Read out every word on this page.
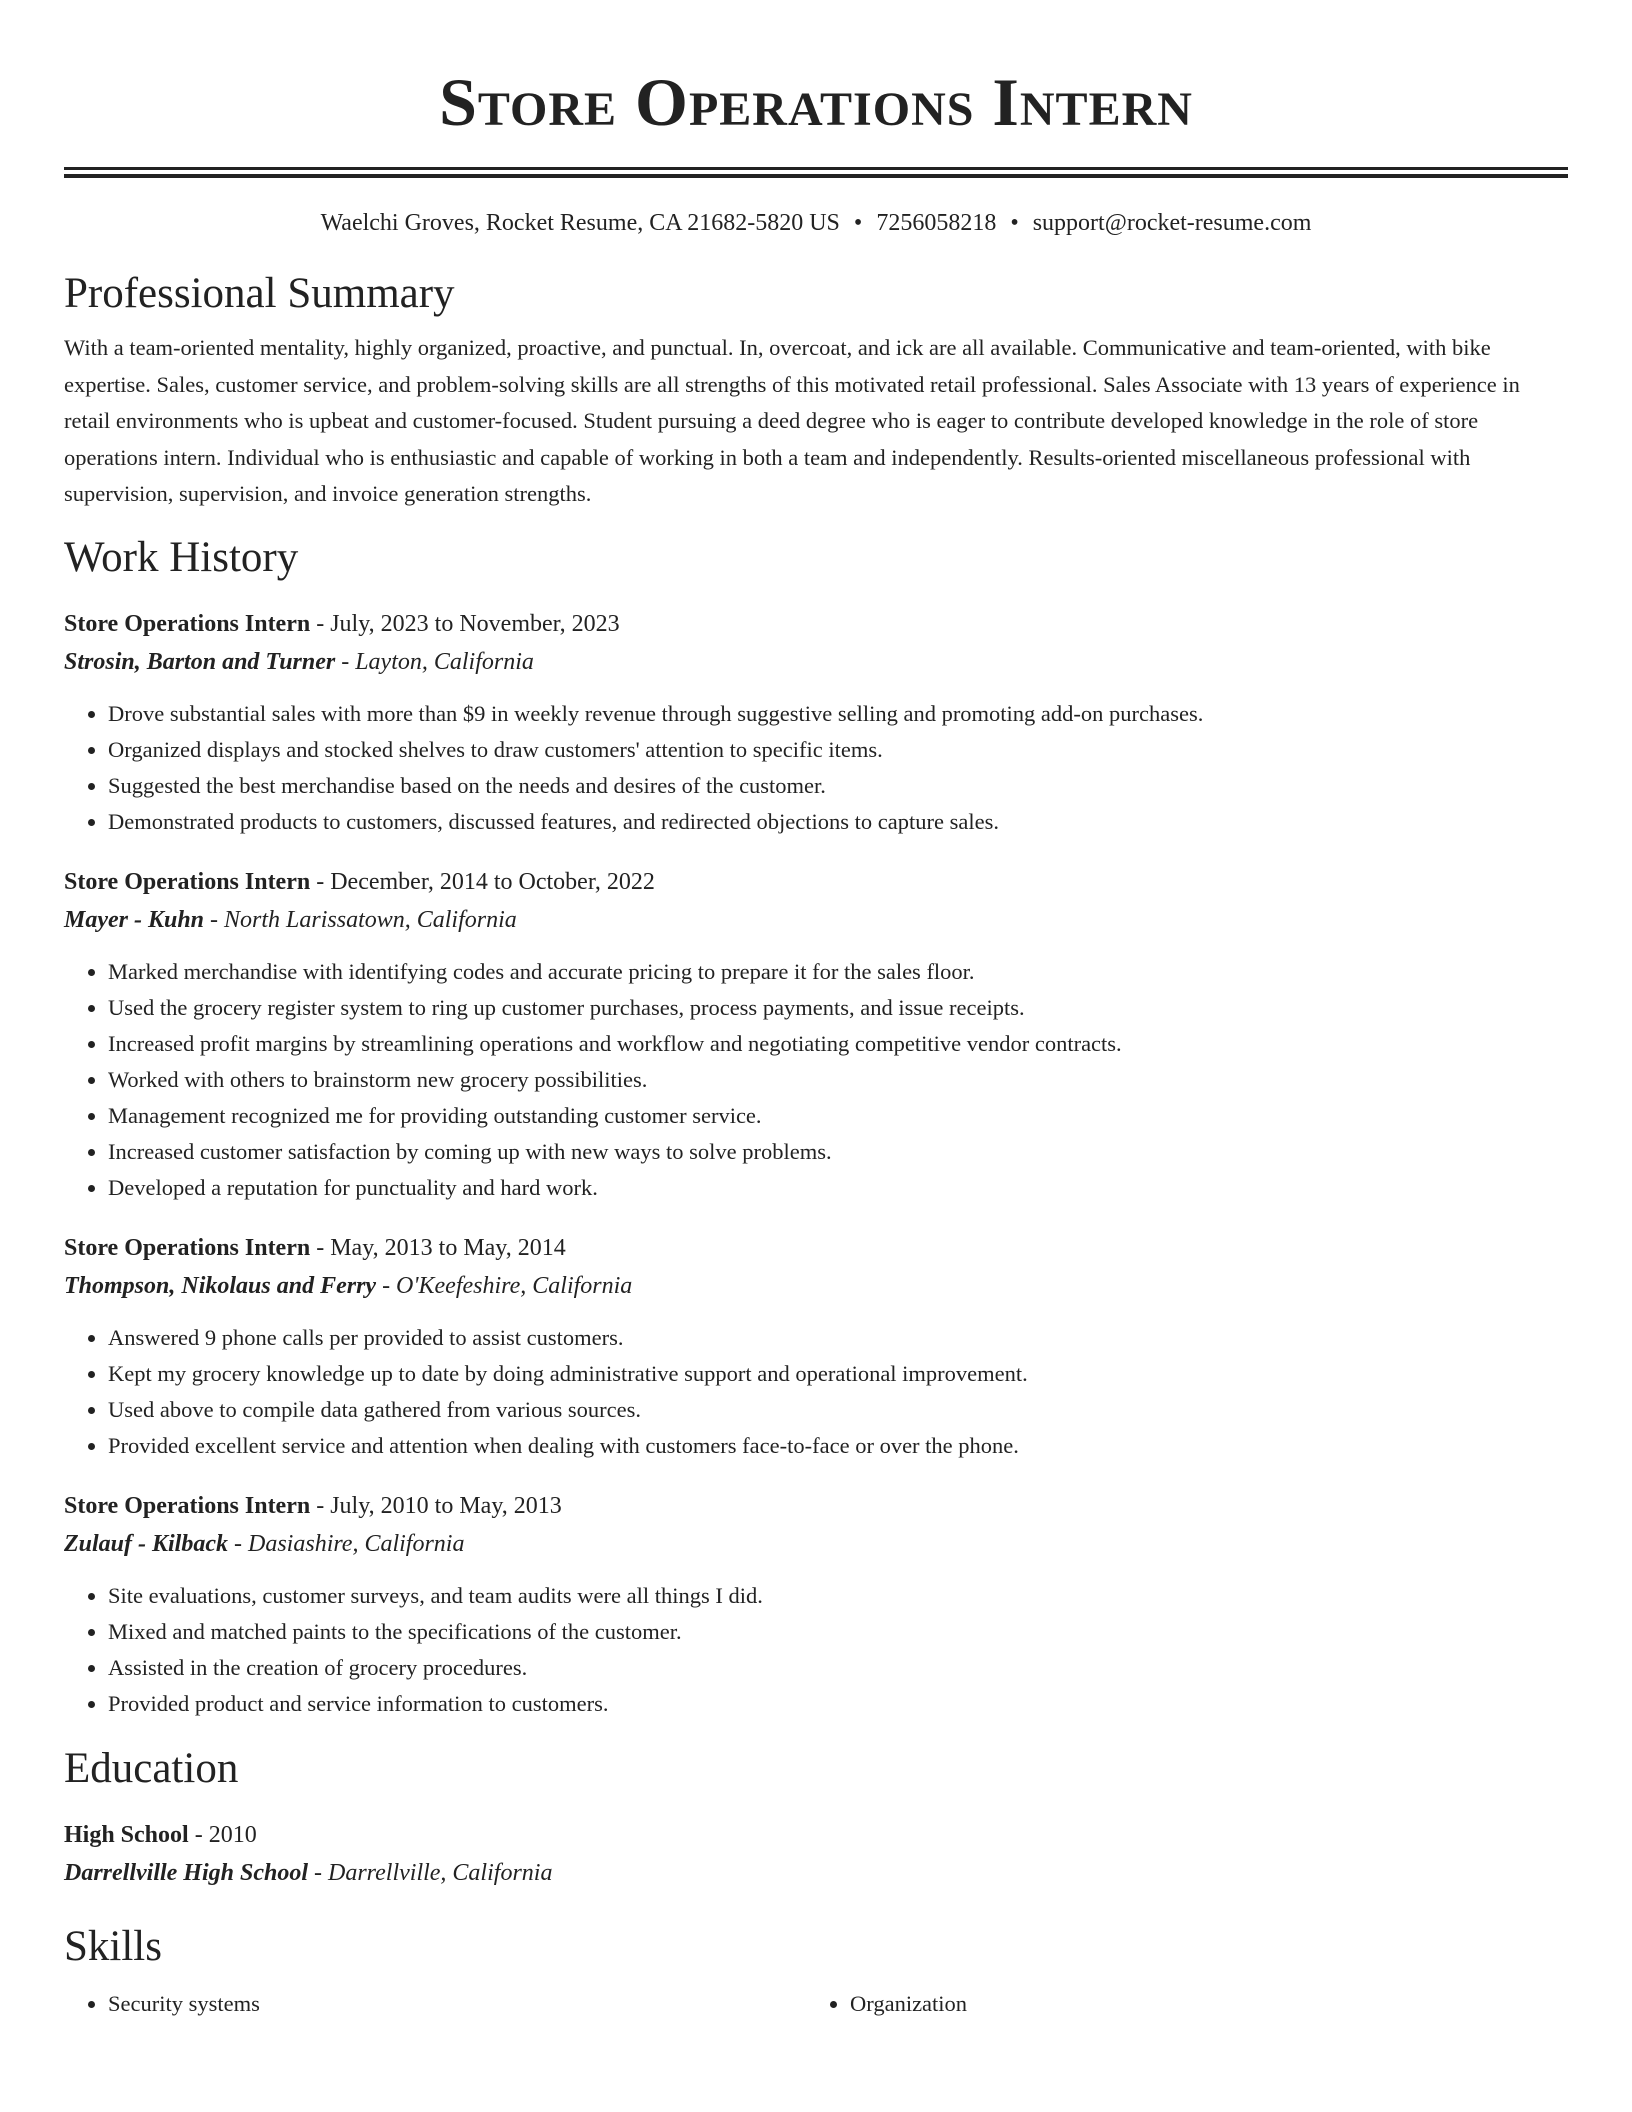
Store Operations Intern
Waelchi Groves, Rocket Resume, CA 21682-5820 US • 7256058218 • support@rocket-resume.com
Professional Summary

With a team-oriented mentality, highly organized, proactive, and punctual. In, overcoat, and ick are all available. Communicative and team-oriented, with bike expertise. Sales, customer service, and problem-solving skills are all strengths of this motivated retail professional. Sales Associate with 13 years of experience in retail environments who is upbeat and customer-focused. Student pursuing a deed degree who is eager to contribute developed knowledge in the role of store operations intern. Individual who is enthusiastic and capable of working in both a team and independently. Results-oriented miscellaneous professional with supervision, supervision, and invoice generation strengths.

Work History
Store Operations Intern - July, 2023 to November, 2023
Strosin, Barton and Turner - Layton, California
• Drove substantial sales with more than $9 in weekly revenue through suggestive selling and promoting add-on purchases.
• Organized displays and stocked shelves to draw customers' attention to specific items.
• Suggested the best merchandise based on the needs and desires of the customer.
• Demonstrated products to customers, discussed features, and redirected objections to capture sales.
Store Operations Intern - December, 2014 to October, 2022
Mayer - Kuhn - North Larissatown, California
• Marked merchandise with identifying codes and accurate pricing to prepare it for the sales floor.
• Used the grocery register system to ring up customer purchases, process payments, and issue receipts.
• Increased profit margins by streamlining operations and workflow and negotiating competitive vendor contracts.
• Worked with others to brainstorm new grocery possibilities.
• Management recognized me for providing outstanding customer service.
• Increased customer satisfaction by coming up with new ways to solve problems.
• Developed a reputation for punctuality and hard work.
Store Operations Intern - May, 2013 to May, 2014
Thompson, Nikolaus and Ferry - O'Keefeshire, California
• Answered 9 phone calls per provided to assist customers.
• Kept my grocery knowledge up to date by doing administrative support and operational improvement.
• Used above to compile data gathered from various sources.
• Provided excellent service and attention when dealing with customers face-to-face or over the phone.
Store Operations Intern - July, 2010 to May, 2013
Zulauf - Kilback - Dasiashire, California
• Site evaluations, customer surveys, and team audits were all things I did.
• Mixed and matched paints to the specifications of the customer.
• Assisted in the creation of grocery procedures.
• Provided product and service information to customers.
Education
High School - 2010
Darrellville High School - Darrellville, California
Skills
• Security systems
•	Organization
